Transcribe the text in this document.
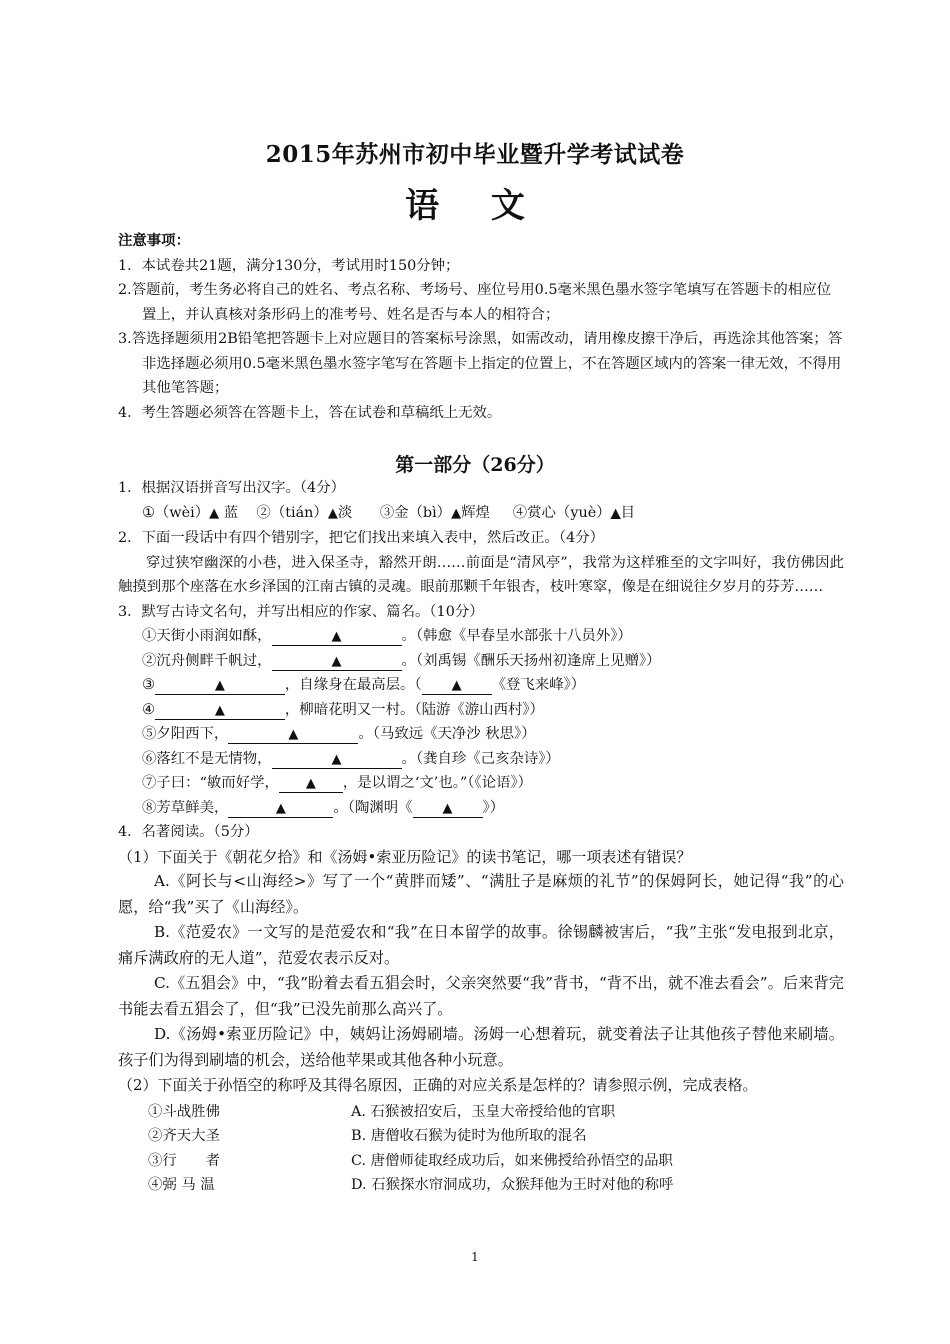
2015年苏州市初中毕业暨升学考试试卷
语 文
注意事项：
1．本试卷共21题，满分130分，考试用时150分钟；
2.答题前，考生务必将自己的姓名、考点名称、考场号、座位号用0.5毫米黑色墨水签字笔填写在答题卡的相应位置上，并认真核对条形码上的准考号、姓名是否与本人的相符合；
3.答选择题须用2B铅笔把答题卡上对应题目的答案标号涂黑，如需改动，请用橡皮擦干净后，再选涂其他答案；答非选择题必须用0.5毫米黑色墨水签字笔写在答题卡上指定的位置上，不在答题区域内的答案一律无效，不得用其他笔答题；
4．考生答题必须答在答题卡上，答在试卷和草稿纸上无效。
第一部分（26分）
1．根据汉语拼音写出汉字。（4分）
①（wèi）▲ 蓝 ②（tián）▲淡 ③金（bì）▲辉煌 ④赏心（yuè）▲目
2．下面一段话中有四个错别字，把它们找出来填入表中，然后改正。（4分）
穿过狭窄幽深的小巷，进入保圣寺，豁然开朗……前面是“清风亭”，我常为这样雅至的文字叫好，我仿佛因此触摸到那个座落在水乡泽国的江南古镇的灵魂。眼前那颗千年银杏，枝叶寒窣，像是在细说往夕岁月的芬芳……
3．默写古诗文名句，并写出相应的作家、篇名。（10分）
①天街小雨润如酥，	▲	。（韩愈《早春呈水部张十八员外》）
②沉舟侧畔千帆过，	▲	。（刘禹锡《酬乐天扬州初逢席上见赠》）
③	▲	，自缘身在最高层。（ ▲ 《登飞来峰》）
④	▲	，柳暗花明又一村。（陆游《游山西村》）
⑤夕阳西下，	▲	。（马致远《天净沙 秋思》）
⑥落红不是无情物，	▲	。（龚自珍《己亥杂诗》）
⑦子曰：“敏而好学， ▲ ，是以谓之‘文’也。”（《论语》）
⑧芳草鲜美，	▲	。（陶渊明《 ▲ 》）
4．名著阅读。（5分）
（1）下面关于《朝花夕拾》和《汤姆•索亚历险记》的读书笔记，哪一项表述有错误？
A.《阿长与<山海经>》写了一个“黄胖而矮”、“满肚子是麻烦的礼节”的保姆阿长，她记得“我”的心愿，给“我”买了《山海经》。
B.《范爱农》一文写的是范爱农和“我”在日本留学的故事。徐锡麟被害后，“我”主张“发电报到北京，痛斥满政府的无人道”，范爱农表示反对。
C.《五猖会》中，“我”盼着去看五猖会时，父亲突然要“我”背书，“背不出，就不准去看会”。后来背完书能去看五猖会了，但“我”已没先前那么高兴了。
D.《汤姆•索亚历险记》中，姨妈让汤姆刷墙。汤姆一心想着玩，就变着法子让其他孩子替他来刷墙。孩子们为得到刷墙的机会，送给他苹果或其他各种小玩意。
（2）下面关于孙悟空的称呼及其得名原因，正确的对应关系是怎样的？请参照示例，完成表格。
①斗战胜佛	A. 石猴被招安后，玉皇大帝授给他的官职
②齐天大圣	B. 唐僧收石猴为徒时为他所取的混名
③行　　者	C. 唐僧师徒取经成功后，如来佛授给孙悟空的品职
④弼 马 温	D. 石猴探水帘洞成功，众猴拜他为王时对他的称呼
1
